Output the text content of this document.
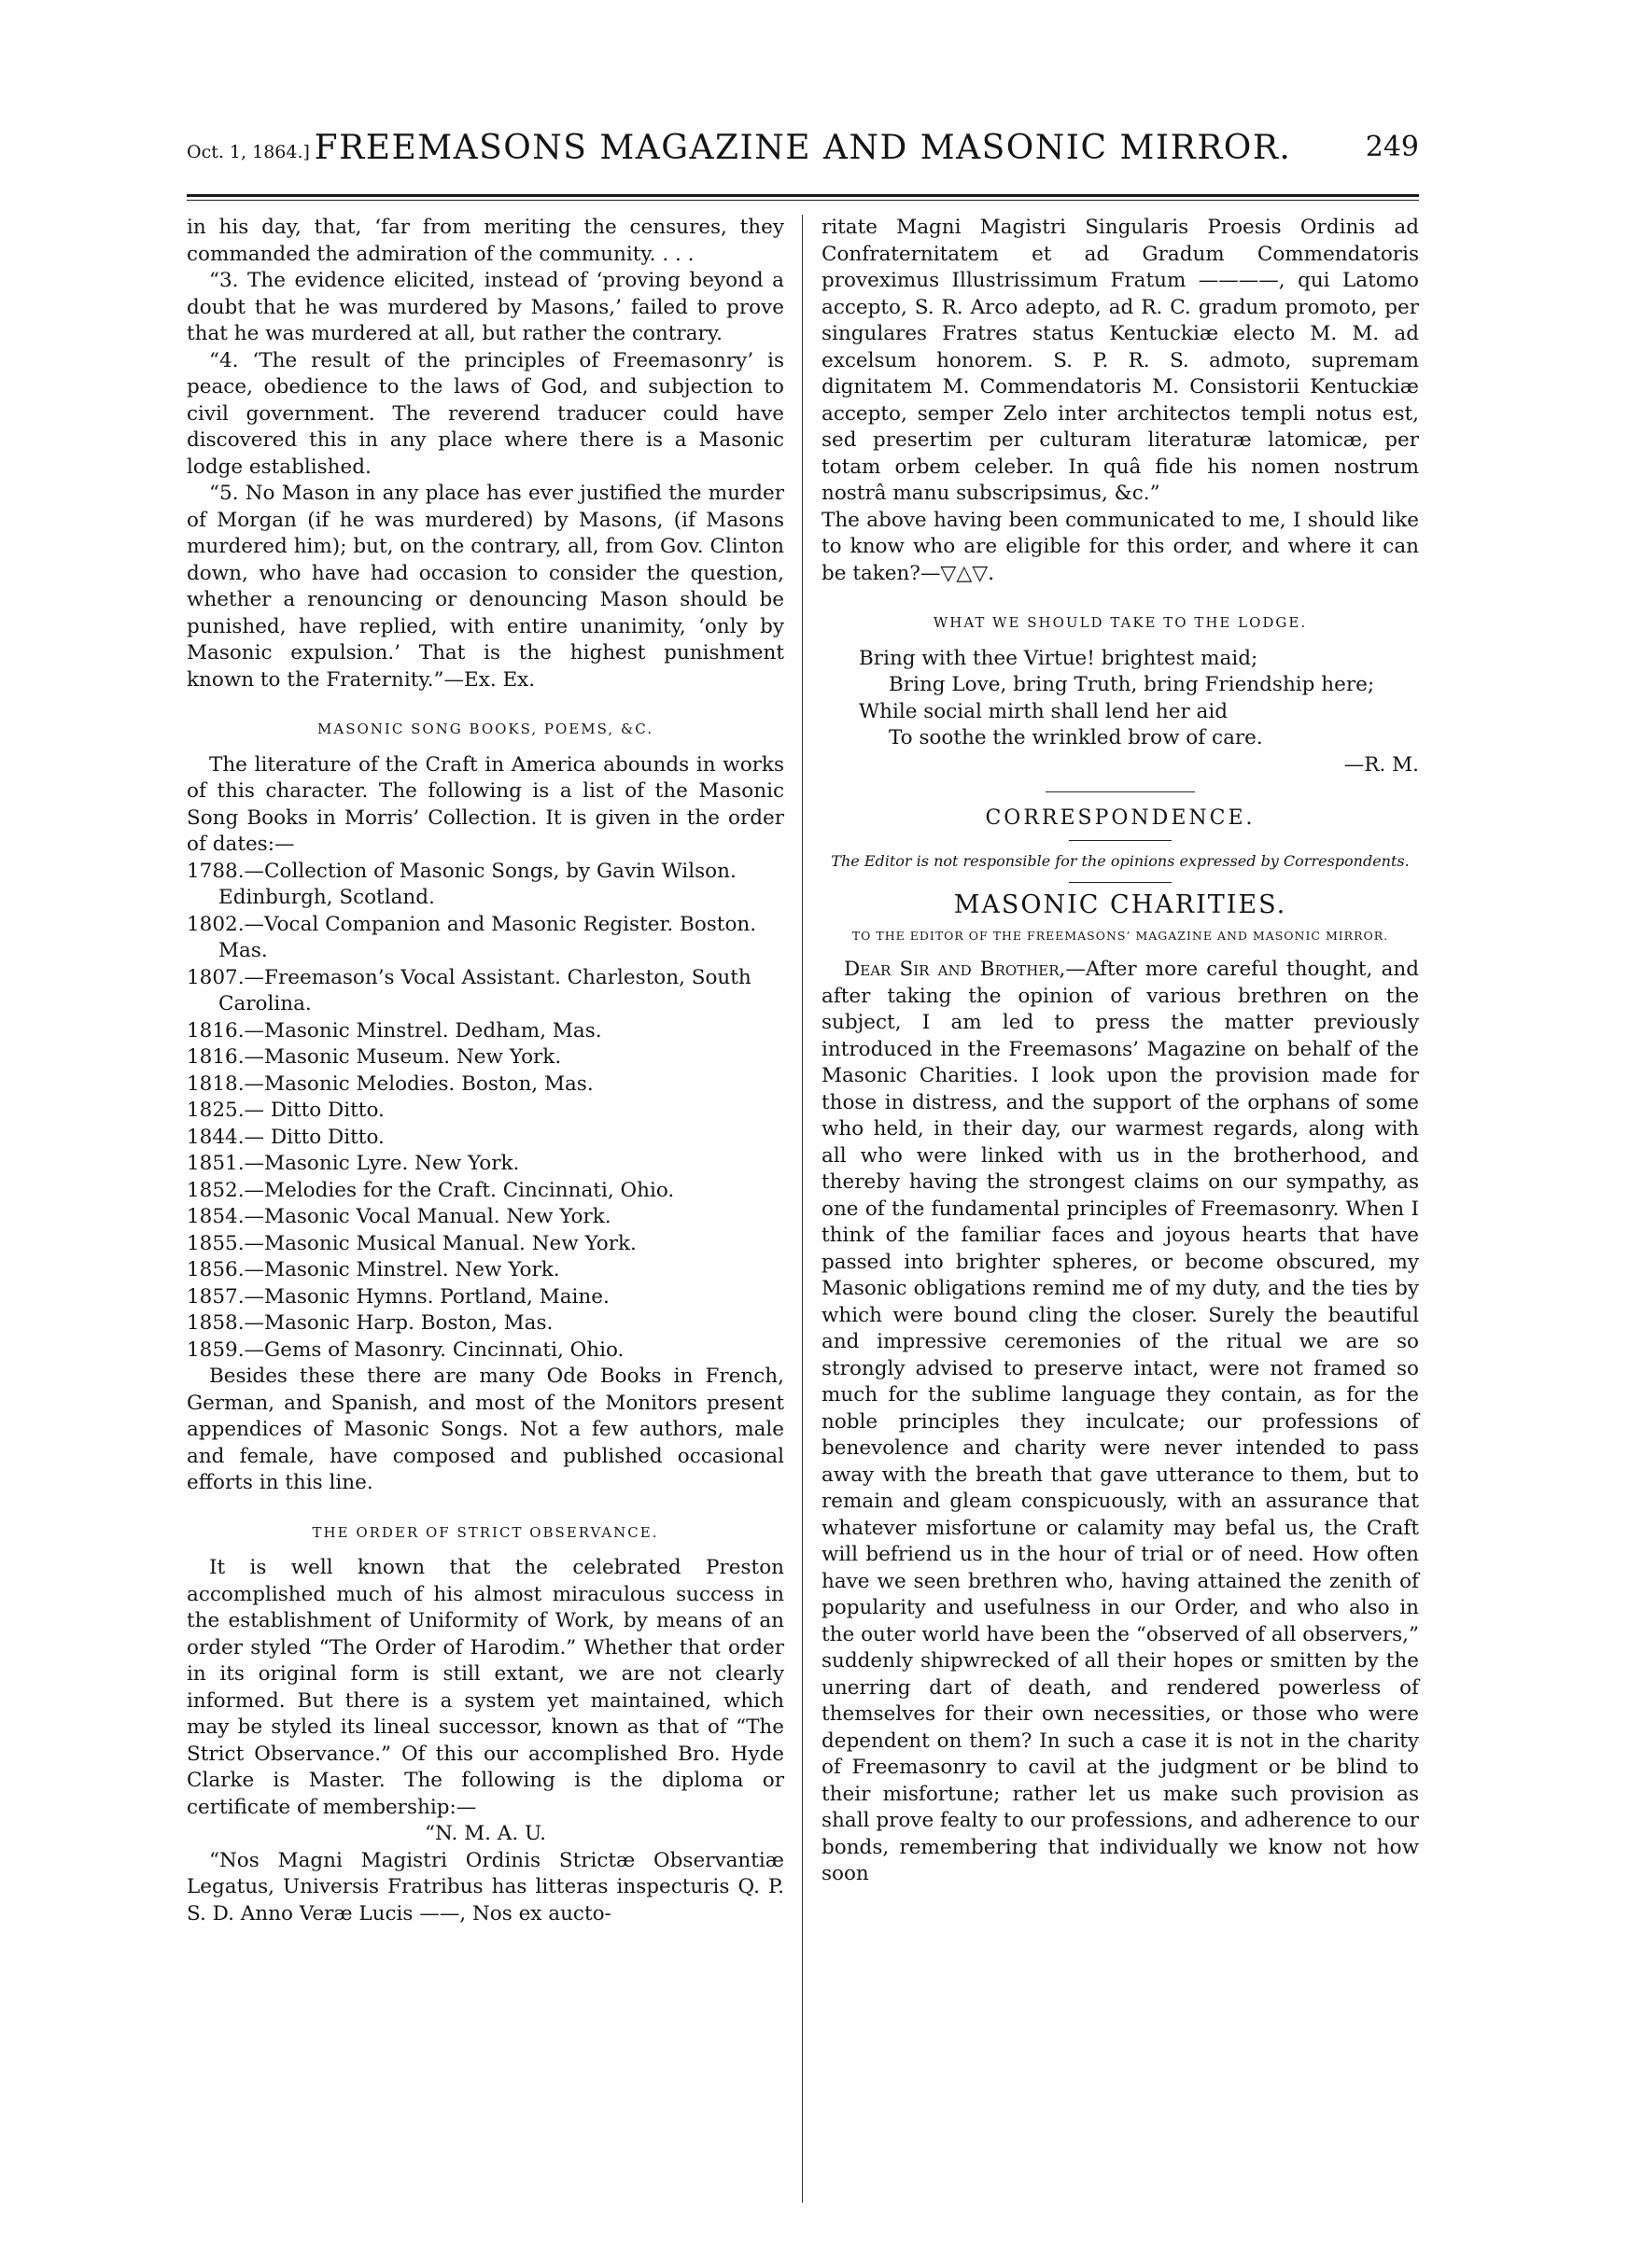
Oct. 1, 1864.] FREEMASONS MAGAZINE AND MASONIC MIRROR.	249

in his day, that, ‘far from meriting the censures, they commanded the admiration of the community. . . .

“3. The evidence elicited, instead of ‘proving beyond a doubt that he was murdered by Masons,’ failed to prove that he was murdered at all, but rather the contrary.

“4. ‘The result of the principles of Freemasonry’ is peace, obedience to the laws of God, and subjection to civil government. The reverend traducer could have discovered this in any place where there is a Masonic lodge established.

“5. No Mason in any place has ever justified the murder of Morgan (if he was murdered) by Masons, (if Masons murdered him); but, on the contrary, all, from Gov. Clinton down, who have had occasion to consider the question, whether a renouncing or denouncing Mason should be punished, have replied, with entire unanimity, ‘only by Masonic expulsion.’ That is the highest punishment known to the Fraternity.”—Ex. Ex.

MASONIC SONG BOOKS, POEMS, &C.

The literature of the Craft in America abounds in works of this character. The following is a list of the Masonic Song Books in Morris’ Collection. It is given in the order of dates:—

1788.—Collection of Masonic Songs, by Gavin Wilson. Edinburgh, Scotland.
1802.—Vocal Companion and Masonic Register. Boston. Mas.
1807.—Freemason’s Vocal Assistant. Charleston, South Carolina.
1816.—Masonic Minstrel. Dedham, Mas.
1816.—Masonic Museum. New York.
1818.—Masonic Melodies. Boston, Mas.
1825.— Ditto Ditto.
1844.— Ditto Ditto.
1851.—Masonic Lyre. New York.
1852.—Melodies for the Craft. Cincinnati, Ohio.
1854.—Masonic Vocal Manual. New York.
1855.—Masonic Musical Manual. New York.
1856.—Masonic Minstrel. New York.
1857.—Masonic Hymns. Portland, Maine.
1858.—Masonic Harp. Boston, Mas.
1859.—Gems of Masonry. Cincinnati, Ohio.

Besides these there are many Ode Books in French, German, and Spanish, and most of the Monitors present appendices of Masonic Songs. Not a few authors, male and female, have composed and published occasional efforts in this line.

THE ORDER OF STRICT OBSERVANCE.

It is well known that the celebrated Preston accomplished much of his almost miraculous success in the establishment of Uniformity of Work, by means of an order styled “The Order of Harodim.” Whether that order in its original form is still extant, we are not clearly informed. But there is a system yet maintained, which may be styled its lineal successor, known as that of “The Strict Observance.” Of this our accomplished Bro. Hyde Clarke is Master. The following is the diploma or certificate of membership:—

“N. M. A. U.

“Nos Magni Magistri Ordinis Strictæ Observantiæ Legatus, Universis Fratribus has litteras inspecturis Q. P. S. D. Anno Veræ Lucis ——, Nos ex aucto-

ritate Magni Magistri Singularis Proesis Ordinis ad Confraternitatem et ad Gradum Commendatoris proveximus Illustrissimum Fratum ————, qui Latomo accepto, S. R. Arco adepto, ad R. C. gradum promoto, per singulares Fratres status Kentuckiæ electo M. M. ad excelsum honorem. S. P. R. S. admoto, supremam dignitatem M. Commendatoris M. Consistorii Kentuckiæ accepto, semper Zelo inter architectos templi notus est, sed presertim per culturam literaturæ latomicæ, per totam orbem celeber. In quâ fide his nomen nostrum nostrâ manu subscripsimus, &c.”

The above having been communicated to me, I should like to know who are eligible for this order, and where it can be taken?—▽△▽.

WHAT WE SHOULD TAKE TO THE LODGE.

Bring with thee Virtue! brightest maid;

Bring Love, bring Truth, bring Friendship here;

While social mirth shall lend her aid

To soothe the wrinkled brow of care.

—R. M.

CORRESPONDENCE.
The Editor is not responsible for the opinions expressed by Correspondents.
MASONIC CHARITIES.
TO THE EDITOR OF THE FREEMASONS’ MAGAZINE AND MASONIC MIRROR.

Dear Sir and Brother,—After more careful thought, and after taking the opinion of various brethren on the subject, I am led to press the matter previously introduced in the Freemasons’ Magazine on behalf of the Masonic Charities. I look upon the provision made for those in distress, and the support of the orphans of some who held, in their day, our warmest regards, along with all who were linked with us in the brotherhood, and thereby having the strongest claims on our sympathy, as one of the fundamental principles of Freemasonry. When I think of the familiar faces and joyous hearts that have passed into brighter spheres, or become obscured, my Masonic obligations remind me of my duty, and the ties by which were bound cling the closer. Surely the beautiful and impressive ceremonies of the ritual we are so strongly advised to preserve intact, were not framed so much for the sublime language they contain, as for the noble principles they inculcate; our professions of benevolence and charity were never intended to pass away with the breath that gave utterance to them, but to remain and gleam conspicuously, with an assurance that whatever misfortune or calamity may befal us, the Craft will befriend us in the hour of trial or of need. How often have we seen brethren who, having attained the zenith of popularity and usefulness in our Order, and who also in the outer world have been the “observed of all observers,” suddenly shipwrecked of all their hopes or smitten by the unerring dart of death, and rendered powerless of themselves for their own necessities, or those who were dependent on them? In such a case it is not in the charity of Freemasonry to cavil at the judgment or be blind to their misfortune; rather let us make such provision as shall prove fealty to our professions, and adherence to our bonds, remembering that individually we know not how soon
